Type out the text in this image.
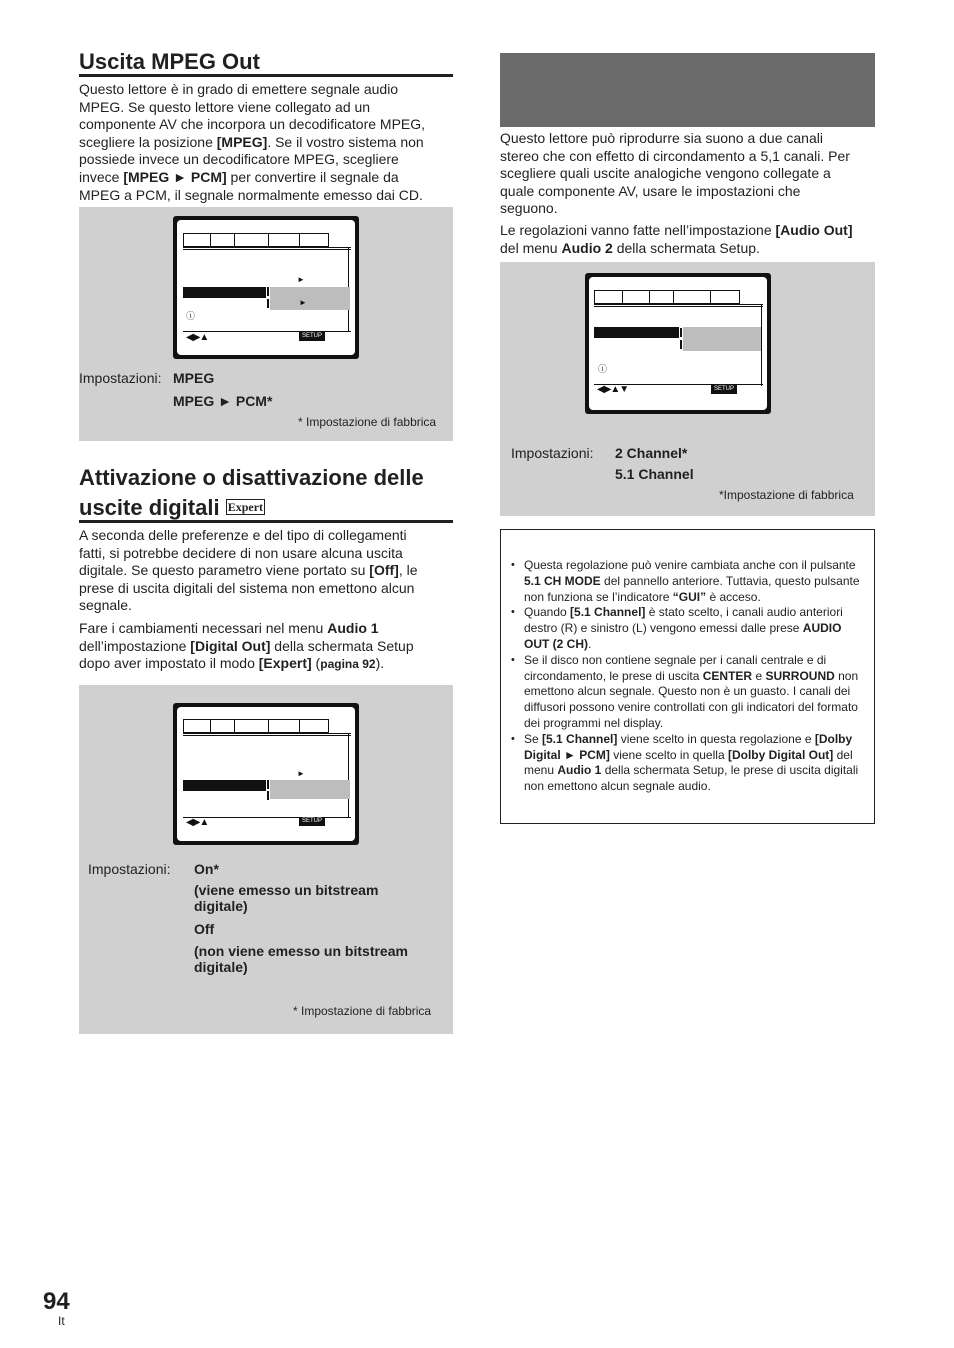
Uscita MPEG Out
Questo lettore è in grado di emettere segnale audio
MPEG. Se questo lettore viene collegato ad un
componente AV che incorpora un decodificatore MPEG,
scegliere la posizione [MPEG]. Se il vostro sistema non
possiede invece un decodificatore MPEG, scegliere
invece [MPEG ► PCM] per convertire il segnale da
MPEG a PCM, il segnale normalmente emesso dai CD.
►
►
ⓘ
◀▶▲	SETUP
Impostazioni: MPEG
MPEG ► PCM*
* Impostazione di fabbrica
Attivazione o disattivazione delle
uscite digitali Expert
A seconda delle preferenze e del tipo di collegamenti
fatti, si potrebbe decidere di non usare alcuna uscita
digitale. Se questo parametro viene portato su [Off], le
prese di uscita digitali del sistema non emettono alcun
segnale.
Fare i cambiamenti necessari nel menu Audio 1
dell’impostazione [Digital Out] della schermata Setup
dopo aver impostato il modo [Expert] (pagina 92).
►
◀▶▲	SETUP
Impostazioni: On*
(viene emesso un bitstream
digitale)
Off
(non viene emesso un bitstream
digitale)
* Impostazione di fabbrica
Questo lettore può riprodurre sia suono a due canali
stereo che con effetto di circondamento a 5,1 canali. Per
scegliere quali uscite analogiche vengono collegate a
quale componente AV, usare le impostazioni che
seguono.
Le regolazioni vanno fatte nell’impostazione [Audio Out]
del menu Audio 2 della schermata Setup.
ⓘ
◀▶▲▼	SETUP
Impostazioni: 2 Channel*
5.1 Channel
*Impostazione di fabbrica
• Questa regolazione può venire cambiata anche con il pulsante 5.1 CH MODE del pannello anteriore. Tuttavia, questo pulsante non funziona se l’indicatore “GUI” è acceso.
• Quando [5.1 Channel] è stato scelto, i canali audio anteriori destro (R) e sinistro (L) vengono emessi dalle prese AUDIO OUT (2 CH).
• Se il disco non contiene segnale per i canali centrale e di circondamento, le prese di uscita CENTER e SURROUND non emettono alcun segnale. Questo non è un guasto. I canali dei diffusori possono venire controllati con gli indicatori del formato dei programmi nel display.
• Se [5.1 Channel] viene scelto in questa regolazione e [Dolby Digital ► PCM] viene scelto in quella [Dolby Digital Out] del menu Audio 1 della schermata Setup, le prese di uscita digitali non emettono alcun segnale audio.
94
It
